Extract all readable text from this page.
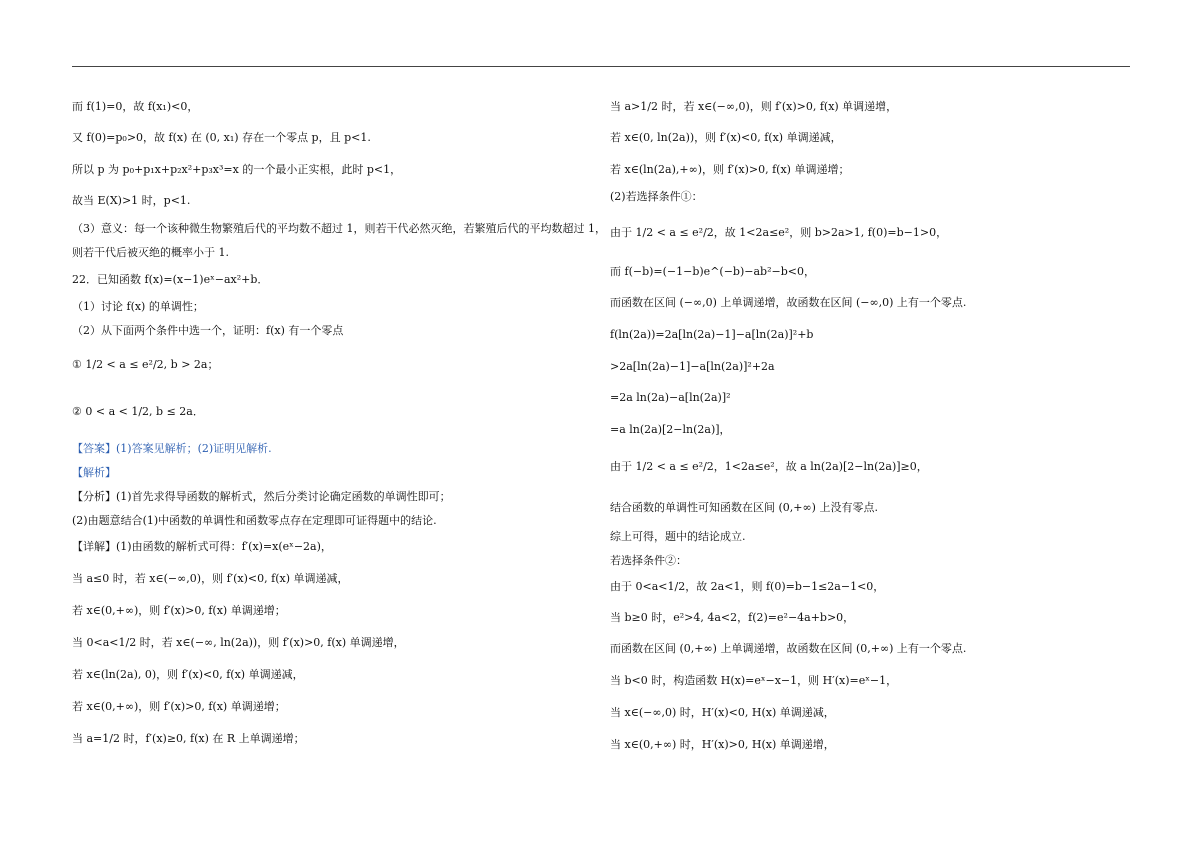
而 f(1)=0，故 f(x₁)<0，
又 f(0)=p₀>0，故 f(x) 在 (0, x₁) 存在一个零点 p，且 p<1.
所以 p 为 p₀+p₁x+p₂x²+p₃x³=x 的一个最小正实根，此时 p<1，
故当 E(X)>1 时，p<1.
（3）意义：每一个该种微生物繁殖后代的平均数不超过 1，则若干代必然灭绝，若繁殖后代的平均数超过 1，
则若干代后被灭绝的概率小于 1.
22．已知函数 f(x)=(x−1)eˣ−ax²+b．
（1）讨论 f(x) 的单调性；
（2）从下面两个条件中选一个，证明：f(x) 有一个零点
① 1/2 < a ≤ e²/2, b > 2a；
② 0 < a < 1/2, b ≤ 2a．
【答案】(1)答案见解析；(2)证明见解析.
【解析】
【分析】(1)首先求得导函数的解析式，然后分类讨论确定函数的单调性即可；
(2)由题意结合(1)中函数的单调性和函数零点存在定理即可证得题中的结论.
【详解】(1)由函数的解析式可得：f′(x)=x(eˣ−2a)，
当 a≤0 时，若 x∈(−∞,0)，则 f′(x)<0, f(x) 单调递减，
若 x∈(0,+∞)，则 f′(x)>0, f(x) 单调递增；
当 0<a<1/2 时，若 x∈(−∞, ln(2a))，则 f′(x)>0, f(x) 单调递增，
若 x∈(ln(2a), 0)，则 f′(x)<0, f(x) 单调递减，
若 x∈(0,+∞)，则 f′(x)>0, f(x) 单调递增；
当 a=1/2 时，f′(x)≥0, f(x) 在 R 上单调递增；
当 a>1/2 时，若 x∈(−∞,0)，则 f′(x)>0, f(x) 单调递增，
若 x∈(0, ln(2a))，则 f′(x)<0, f(x) 单调递减，
若 x∈(ln(2a),+∞)，则 f′(x)>0, f(x) 单调递增；
(2)若选择条件①：
由于 1/2 < a ≤ e²/2，故 1<2a≤e²，则 b>2a>1, f(0)=b−1>0，
而 f(−b)=(−1−b)e^(−b)−ab²−b<0，
而函数在区间 (−∞,0) 上单调递增，故函数在区间 (−∞,0) 上有一个零点.
f(ln(2a))=2a[ln(2a)−1]−a[ln(2a)]²+b
>2a[ln(2a)−1]−a[ln(2a)]²+2a
=2a ln(2a)−a[ln(2a)]²
=a ln(2a)[2−ln(2a)]，
由于 1/2 < a ≤ e²/2，1<2a≤e²，故 a ln(2a)[2−ln(2a)]≥0，
结合函数的单调性可知函数在区间 (0,+∞) 上没有零点.
综上可得，题中的结论成立.
若选择条件②：
由于 0<a<1/2，故 2a<1，则 f(0)=b−1≤2a−1<0，
当 b≥0 时，e²>4, 4a<2，f(2)=e²−4a+b>0，
而函数在区间 (0,+∞) 上单调递增，故函数在区间 (0,+∞) 上有一个零点.
当 b<0 时，构造函数 H(x)=eˣ−x−1，则 H′(x)=eˣ−1，
当 x∈(−∞,0) 时，H′(x)<0, H(x) 单调递减，
当 x∈(0,+∞) 时，H′(x)>0, H(x) 单调递增，
